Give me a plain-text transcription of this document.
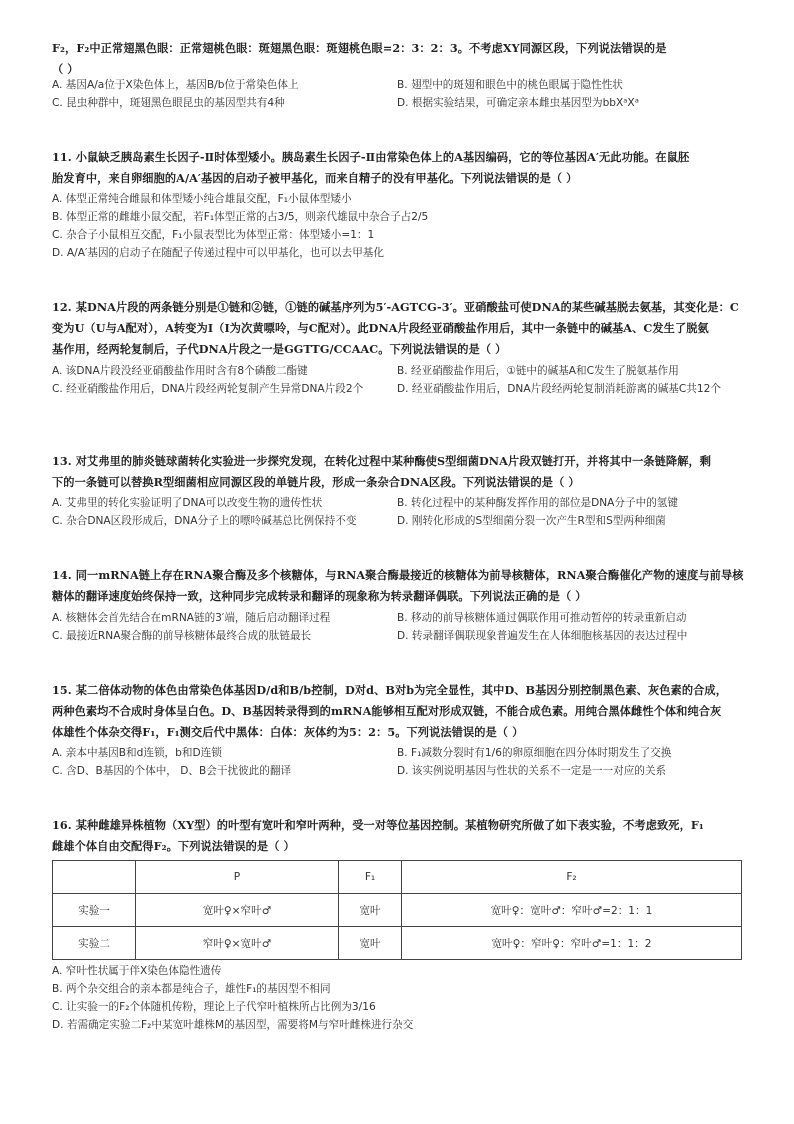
F₂，F₂中正常翅黑色眼：正常翅桃色眼：斑翅黑色眼：斑翅桃色眼=2：3：2：3。不考虑XY同源区段，下列说法错误的是
（ ）
A. 基因A/a位于X染色体上，基因B/b位于常染色体上	B. 翅型中的斑翅和眼色中的桃色眼属于隐性性状
C. 昆虫种群中，斑翅黑色眼昆虫的基因型共有4种	D. 根据实验结果，可确定亲本雌虫基因型为bbXᵃXᵃ
11. 小鼠缺乏胰岛素生长因子-Ⅱ时体型矮小。胰岛素生长因子-Ⅱ由常染色体上的A基因编码，它的等位基因A′无此功能。在鼠胚
胎发育中，来自卵细胞的A/A′基因的启动子被甲基化，而来自精子的没有甲基化。下列说法错误的是（ ）
A. 体型正常纯合雌鼠和体型矮小纯合雄鼠交配，F₁小鼠体型矮小
B. 体型正常的雌雄小鼠交配，若F₁体型正常的占3/5，则亲代雄鼠中杂合子占2/5
C. 杂合子小鼠相互交配，F₁小鼠表型比为体型正常：体型矮小=1：1
D. A/A′基因的启动子在随配子传递过程中可以甲基化，也可以去甲基化
12. 某DNA片段的两条链分别是①链和②链，①链的碱基序列为5′-AGTCG-3′。亚硝酸盐可使DNA的某些碱基脱去氨基，其变化是：C
变为U（U与A配对），A转变为I（I为次黄嘌呤，与C配对）。此DNA片段经亚硝酸盐作用后，其中一条链中的碱基A、C发生了脱氨
基作用，经两轮复制后，子代DNA片段之一是GGTTG/CCAAC。下列说法错误的是（ ）
A. 该DNA片段没经亚硝酸盐作用时含有8个磷酸二酯键	B. 经亚硝酸盐作用后，①链中的碱基A和C发生了脱氨基作用
C. 经亚硝酸盐作用后，DNA片段经两轮复制产生异常DNA片段2个	D. 经亚硝酸盐作用后，DNA片段经两轮复制消耗游离的碱基C共12个
13. 对艾弗里的肺炎链球菌转化实验进一步探究发现，在转化过程中某种酶使S型细菌DNA片段双链打开，并将其中一条链降解，剩
下的一条链可以替换R型细菌相应同源区段的单链片段，形成一条杂合DNA区段。下列说法错误的是（ ）
A. 艾弗里的转化实验证明了DNA可以改变生物的遗传性状	B. 转化过程中的某种酶发挥作用的部位是DNA分子中的氢键
C. 杂合DNA区段形成后，DNA分子上的嘌呤碱基总比例保持不变	D. 刚转化形成的S型细菌分裂一次产生R型和S型两种细菌
14. 同一mRNA链上存在RNA聚合酶及多个核糖体，与RNA聚合酶最接近的核糖体为前导核糖体，RNA聚合酶催化产物的速度与前导核
糖体的翻译速度始终保持一致，这种同步完成转录和翻译的现象称为转录翻译偶联。下列说法正确的是（ ）
A. 核糖体会首先结合在mRNA链的3′端，随后启动翻译过程	B. 移动的前导核糖体通过偶联作用可推动暂停的转录重新启动
C. 最接近RNA聚合酶的前导核糖体最终合成的肽链最长	D. 转录翻译偶联现象普遍发生在人体细胞核基因的表达过程中
15. 某二倍体动物的体色由常染色体基因D/d和B/b控制，D对d、B对b为完全显性，其中D、B基因分别控制黑色素、灰色素的合成，
两种色素均不合成时身体呈白色。D、B基因转录得到的mRNA能够相互配对形成双链，不能合成色素。用纯合黑体雌性个体和纯合灰
体雄性个体杂交得F₁，F₁测交后代中黑体：白体：灰体约为5：2：5。下列说法错误的是（ ）
A. 亲本中基因B和d连锁，b和D连锁	B. F₁减数分裂时有1/6的卵原细胞在四分体时期发生了交换
C. 含D、B基因的个体中， D、B会干扰彼此的翻译	D. 该实例说明基因与性状的关系不一定是一一对应的关系
16. 某种雌雄异株植物（XY型）的叶型有宽叶和窄叶两种，受一对等位基因控制。某植物研究所做了如下表实验，不考虑致死，F₁
雌雄个体自由交配得F₂。下列说法错误的是（ ）
	P	F₁	F₂
实验一	宽叶♀×窄叶♂	宽叶	宽叶♀：宽叶♂：窄叶♂=2：1：1
实验二	窄叶♀×宽叶♂	宽叶	宽叶♀：窄叶♀：窄叶♂=1：1：2
A. 窄叶性状属于伴X染色体隐性遗传
B. 两个杂交组合的亲本都是纯合子，雄性F₁的基因型不相同
C. 让实验一的F₂个体随机传粉，理论上子代窄叶植株所占比例为3/16
D. 若需确定实验二F₂中某宽叶雄株M的基因型，需要将M与窄叶雌株进行杂交
